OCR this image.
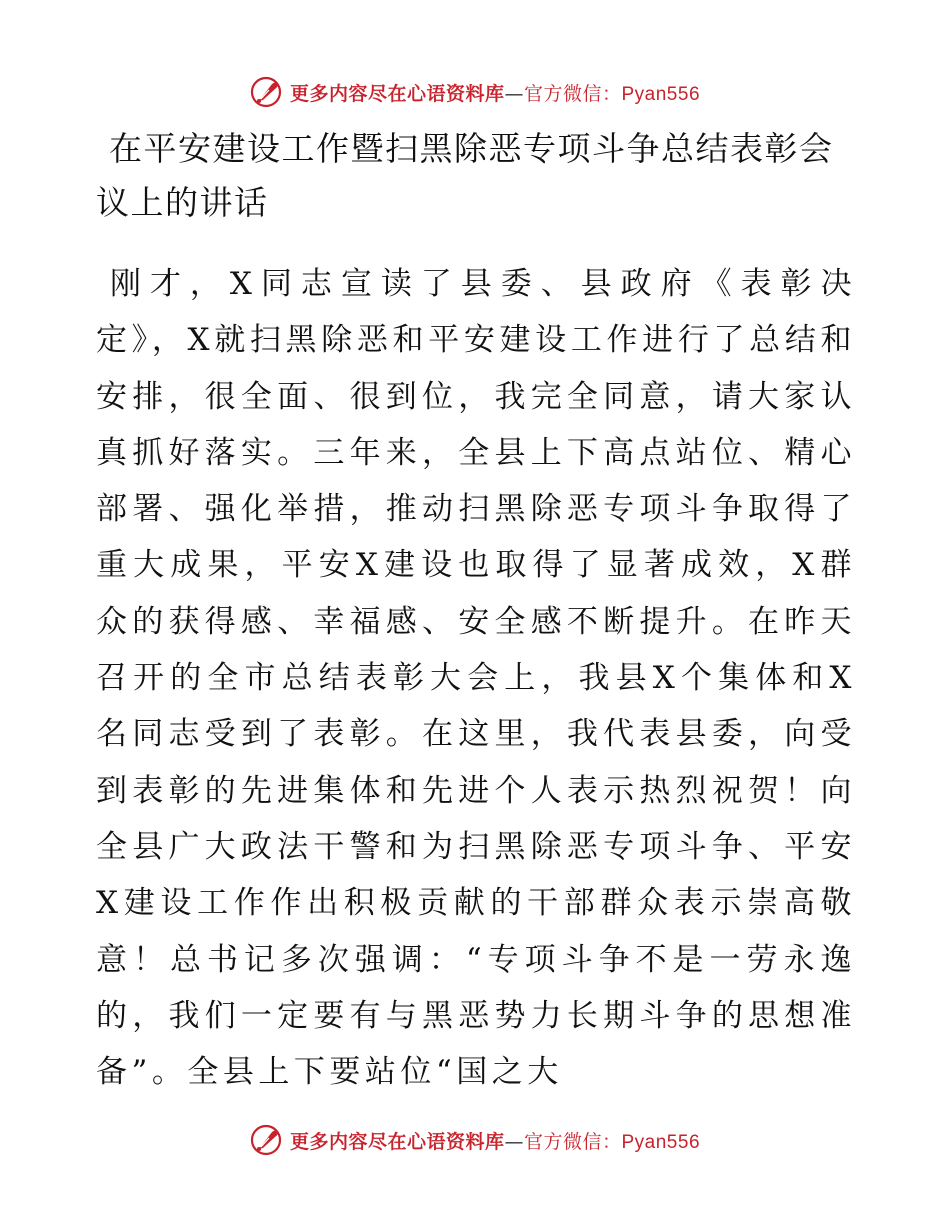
更多内容尽在心语资料库—官方微信：Pyan556
在平安建设工作暨扫黑除恶专项斗争总结表彰会议上的讲话
刚才，X同志宣读了县委、县政府《表彰决定》，X就扫黑除恶和平安建设工作进行了总结和安排，很全面、很到位，我完全同意，请大家认真抓好落实。三年来，全县上下高点站位、精心部署、强化举措，推动扫黑除恶专项斗争取得了重大成果，平安X建设也取得了显著成效，X群众的获得感、幸福感、安全感不断提升。在昨天召开的全市总结表彰大会上，我县X个集体和X名同志受到了表彰。在这里，我代表县委，向受到表彰的先进集体和先进个人表示热烈祝贺！向全县广大政法干警和为扫黑除恶专项斗争、平安X建设工作作出积极贡献的干部群众表示崇高敬意！总书记多次强调：“专项斗争不是一劳永逸的，我们一定要有与黑恶势力长期斗争的思想准备”。全县上下要站位“国之大
更多内容尽在心语资料库—官方微信：Pyan556
